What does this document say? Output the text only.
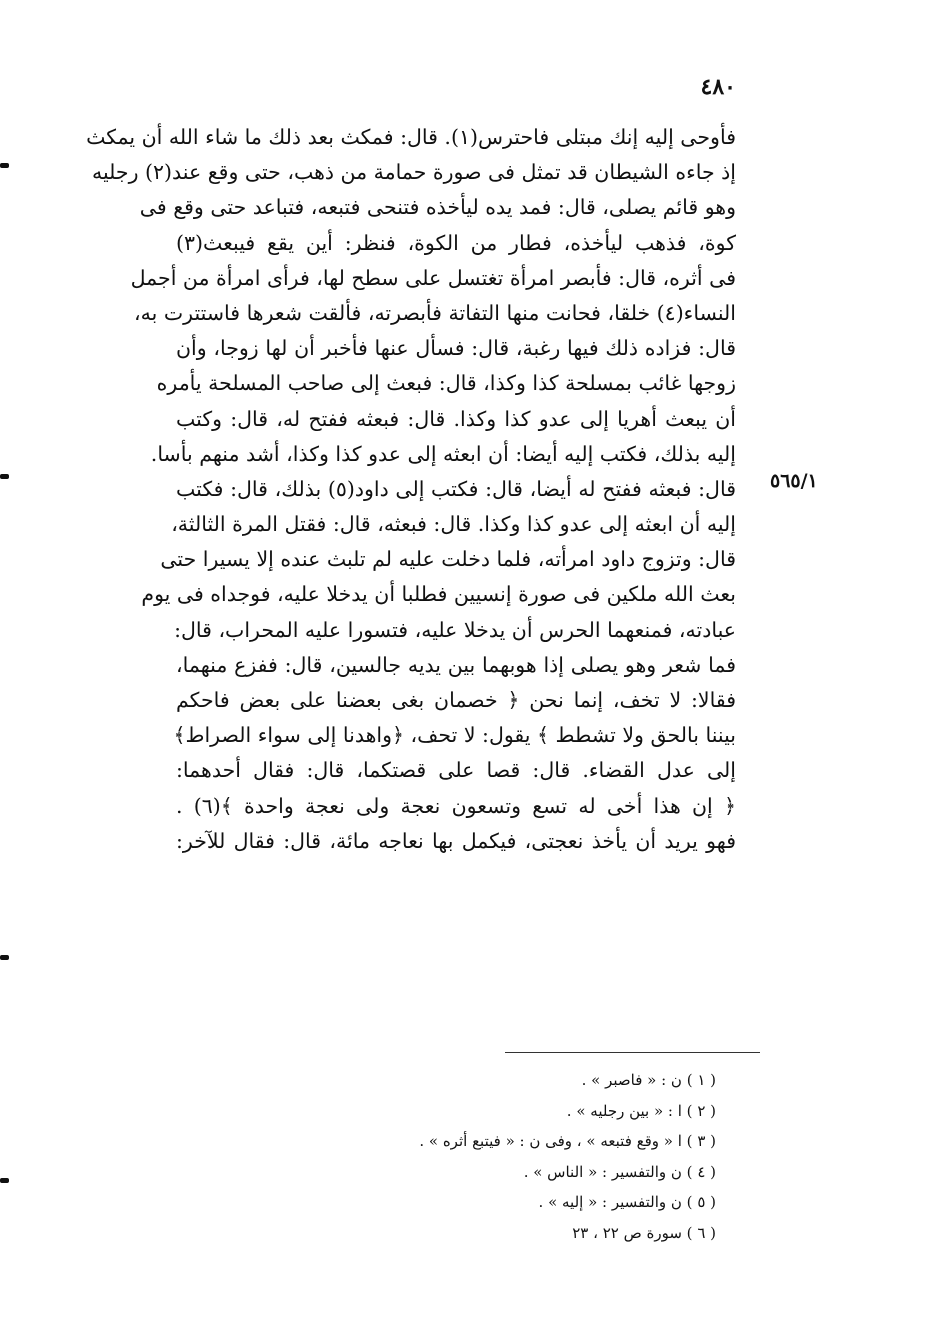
٤٨٠
٥٦٥/١
فأوحى إليه إنك مبتلى فاحترس(١). قال: فمكث بعد ذلك ما شاء الله أن يمكث
إذ جاءه الشيطان قد تمثل فى صورة حمامة من ذهب، حتى وقع عند(٢) رجليه
وهو قائم يصلى، قال: فمد يده ليأخذه فتنحى فتبعه، فتباعد حتى وقع فى
كوة، فذهب ليأخذه، فطار من الكوة، فنظر: أين يقع فيبعث(٣)
فى أثره، قال: فأبصر امرأة تغتسل على سطح لها، فرأى امرأة من أجمل
النساء(٤) خلقا، فحانت منها التفاتة فأبصرته، فألقت شعرها فاستترت به،
قال: فزاده ذلك فيها رغبة، قال: فسأل عنها فأخبر أن لها زوجا، وأن
زوجها غائب بمسلحة كذا وكذا، قال: فبعث إلى صاحب المسلحة يأمره
أن يبعث أهريا إلى عدو كذا وكذا. قال: فبعثه ففتح له، قال: وكتب
إليه بذلك، فكتب إليه أيضا: أن ابعثه إلى عدو كذا وكذا، أشد منهم بأسا.
قال: فبعثه ففتح له أيضا، قال: فكتب إلى داود(٥) بذلك، قال: فكتب
إليه أن ابعثه إلى عدو كذا وكذا. قال: فبعثه، قال: فقتل المرة الثالثة،
قال: وتزوج داود امرأته، فلما دخلت عليه لم تلبث عنده إلا يسيرا حتى
بعث الله ملكين فى صورة إنسيين فطلبا أن يدخلا عليه، فوجداه فى يوم
عبادته، فمنعهما الحرس أن يدخلا عليه، فتسورا عليه المحراب، قال:
فما شعر وهو يصلى إذا هوبهما بين يديه جالسين، قال: ففزع منهما،
فقالا: لا تخف، إنما نحن ﴿ خصمان بغى بعضنا على بعض فاحكم
بيننا بالحق ولا تشطط ﴾ يقول: لا تحف، ﴿واهدنا إلى سواء الصراط﴾
إلى عدل القضاء. قال: قصا على قصتكما، قال: فقال أحدهما:
﴿ إن هذا أخى له تسع وتسعون نعجة ولى نعجة واحدة ﴾(٦) .
فهو يريد أن يأخذ نعجتى، فيكمل بها نعاجه مائة، قال: فقال للآخر:
( ١ ) ن : « فاصبر » .
( ٢ ) ا : « بين رجليه » .
( ٣ ) ا « وقع فتبعه » ، وفى ن : « فيتبع أثره » .
( ٤ ) ن والتفسير : « الناس » .
( ٥ ) ن والتفسير : « إليه » .
( ٦ ) سورة ص ٢٢ ، ٢٣
